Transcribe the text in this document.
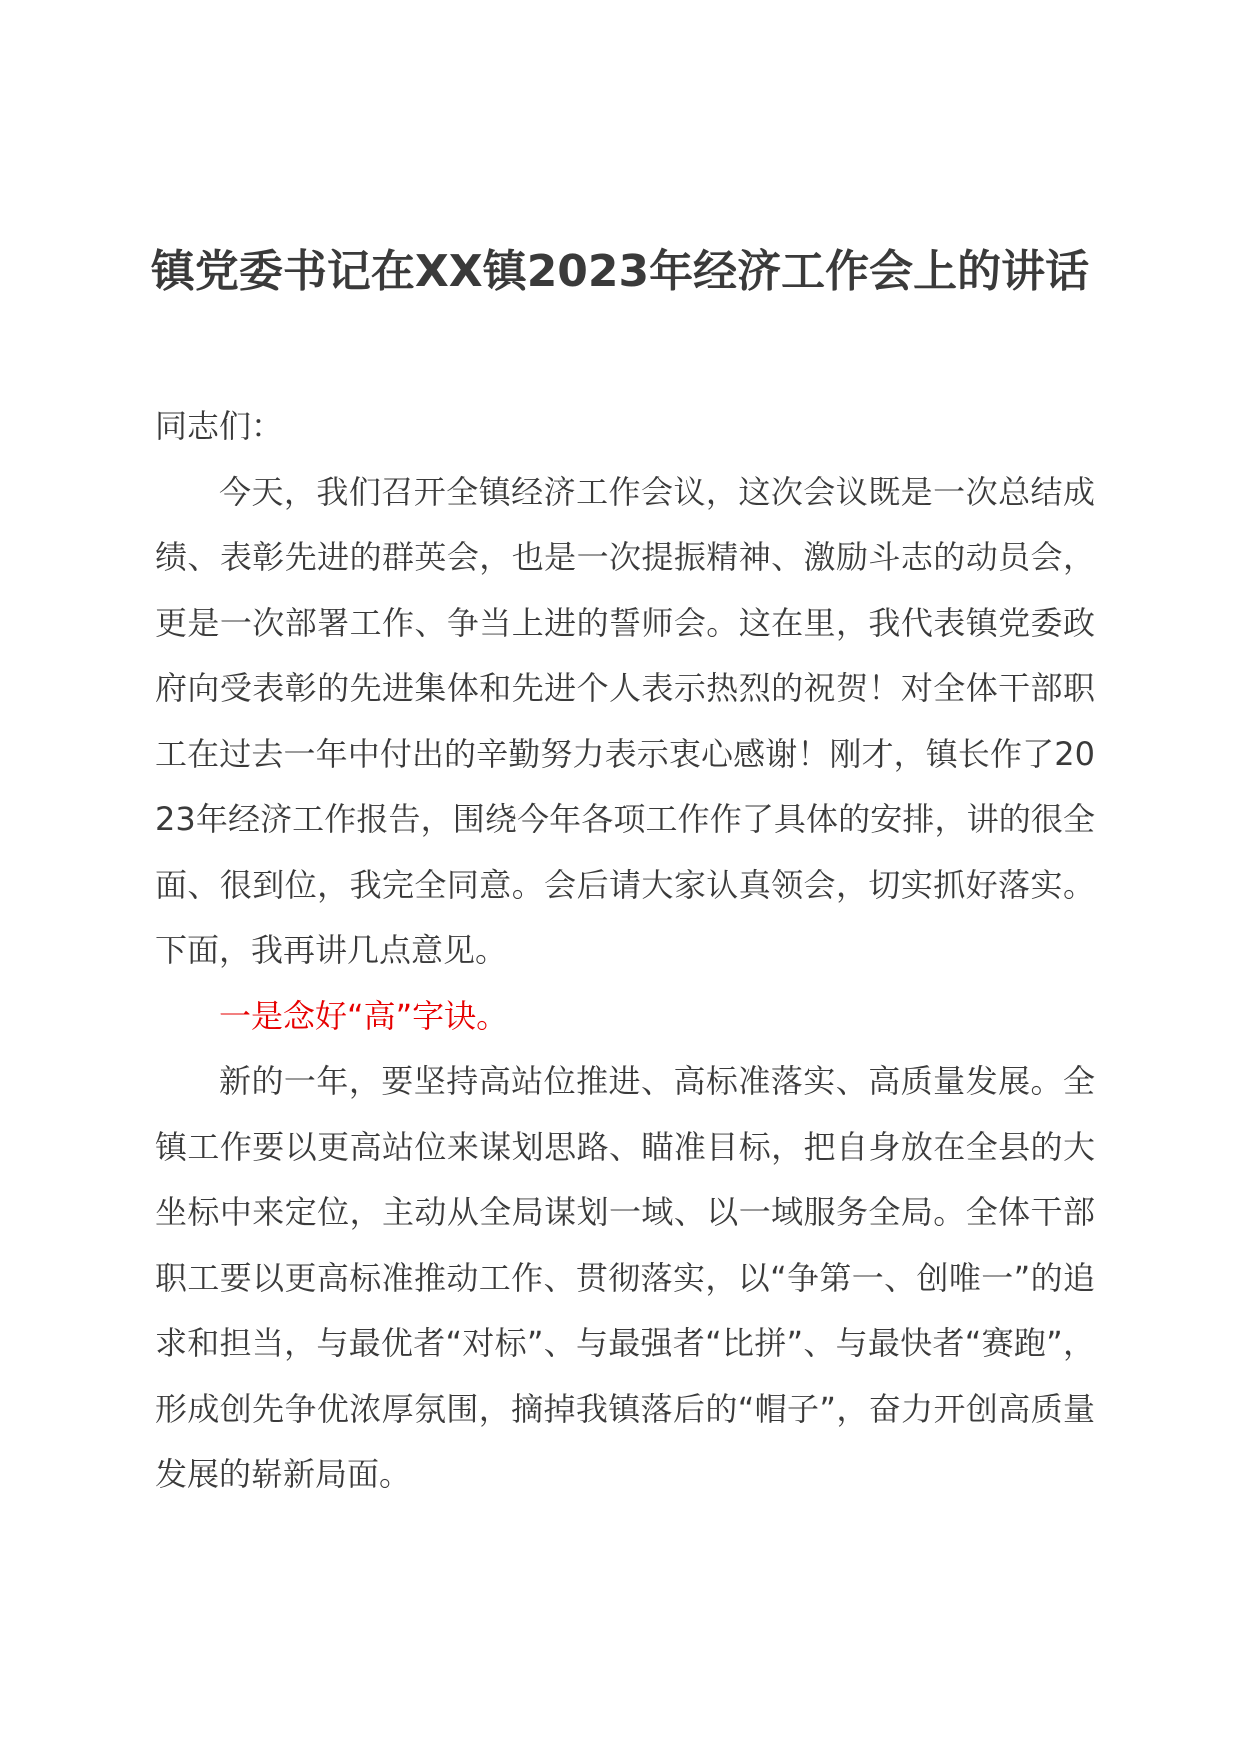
镇党委书记在XX镇2023年经济工作会上的讲话

同志们：

今天，我们召开全镇经济工作会议，这次会议既是一次总结成绩、表彰先进的群英会，也是一次提振精神、激励斗志的动员会，更是一次部署工作、争当上进的誓师会。这在里，我代表镇党委政府向受表彰的先进集体和先进个人表示热烈的祝贺！对全体干部职工在过去一年中付出的辛勤努力表示衷心感谢！刚才，镇长作了2023年经济工作报告，围绕今年各项工作作了具体的安排，讲的很全面、很到位，我完全同意。会后请大家认真领会，切实抓好落实。下面，我再讲几点意见。

一是念好“高”字诀。

新的一年，要坚持高站位推进、高标准落实、高质量发展。全镇工作要以更高站位来谋划思路、瞄准目标，把自身放在全县的大坐标中来定位，主动从全局谋划一域、以一域服务全局。全体干部职工要以更高标准推动工作、贯彻落实，以“争第一、创唯一”的追求和担当，与最优者“对标”、与最强者“比拼”、与最快者“赛跑”，形成创先争优浓厚氛围，摘掉我镇落后的“帽子”，奋力开创高质量发展的崭新局面。
